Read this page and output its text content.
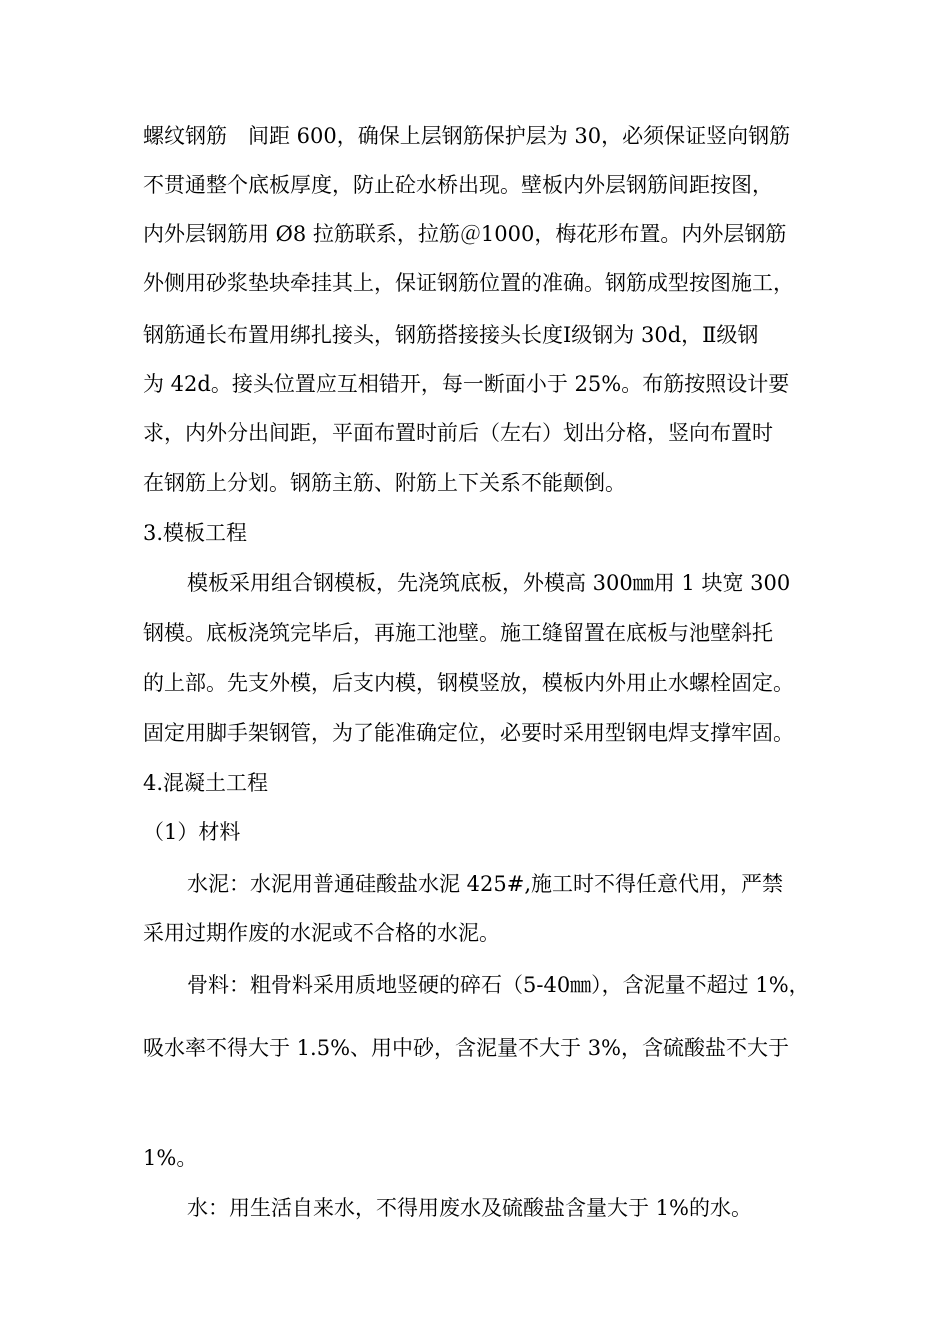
螺纹钢筋　间距 600，确保上层钢筋保护层为 30，必须保证竖向钢筋
不贯通整个底板厚度，防止砼水桥出现。壁板内外层钢筋间距按图，
内外层钢筋用 Ø8 拉筋联系，拉筋＠1000，梅花形布置。内外层钢筋
外侧用砂浆垫块牵挂其上，保证钢筋位置的准确。钢筋成型按图施工，
钢筋通长布置用绑扎接头，钢筋搭接接头长度Ⅰ级钢为 30d，Ⅱ级钢
为 42d。接头位置应互相错开，每一断面小于 25%。布筋按照设计要
求，内外分出间距，平面布置时前后（左右）划出分格，竖向布置时
在钢筋上分划。钢筋主筋、附筋上下关系不能颠倒。
3.模板工程
模板采用组合钢模板，先浇筑底板，外模高 300㎜用 1 块宽 300
钢模。底板浇筑完毕后，再施工池壁。施工缝留置在底板与池壁斜托
的上部。先支外模，后支内模，钢模竖放，模板内外用止水螺栓固定。
固定用脚手架钢管，为了能准确定位，必要时采用型钢电焊支撑牢固。
4.混凝土工程
（1）材料
水泥：水泥用普通硅酸盐水泥 425#,施工时不得任意代用，严禁
采用过期作废的水泥或不合格的水泥。
骨料：粗骨料采用质地竖硬的碎石（5-40㎜），含泥量不超过 1%，
吸水率不得大于 1.5%、用中砂，含泥量不大于 3%，含硫酸盐不大于
1%。
水：用生活自来水，不得用废水及硫酸盐含量大于 1%的水。
